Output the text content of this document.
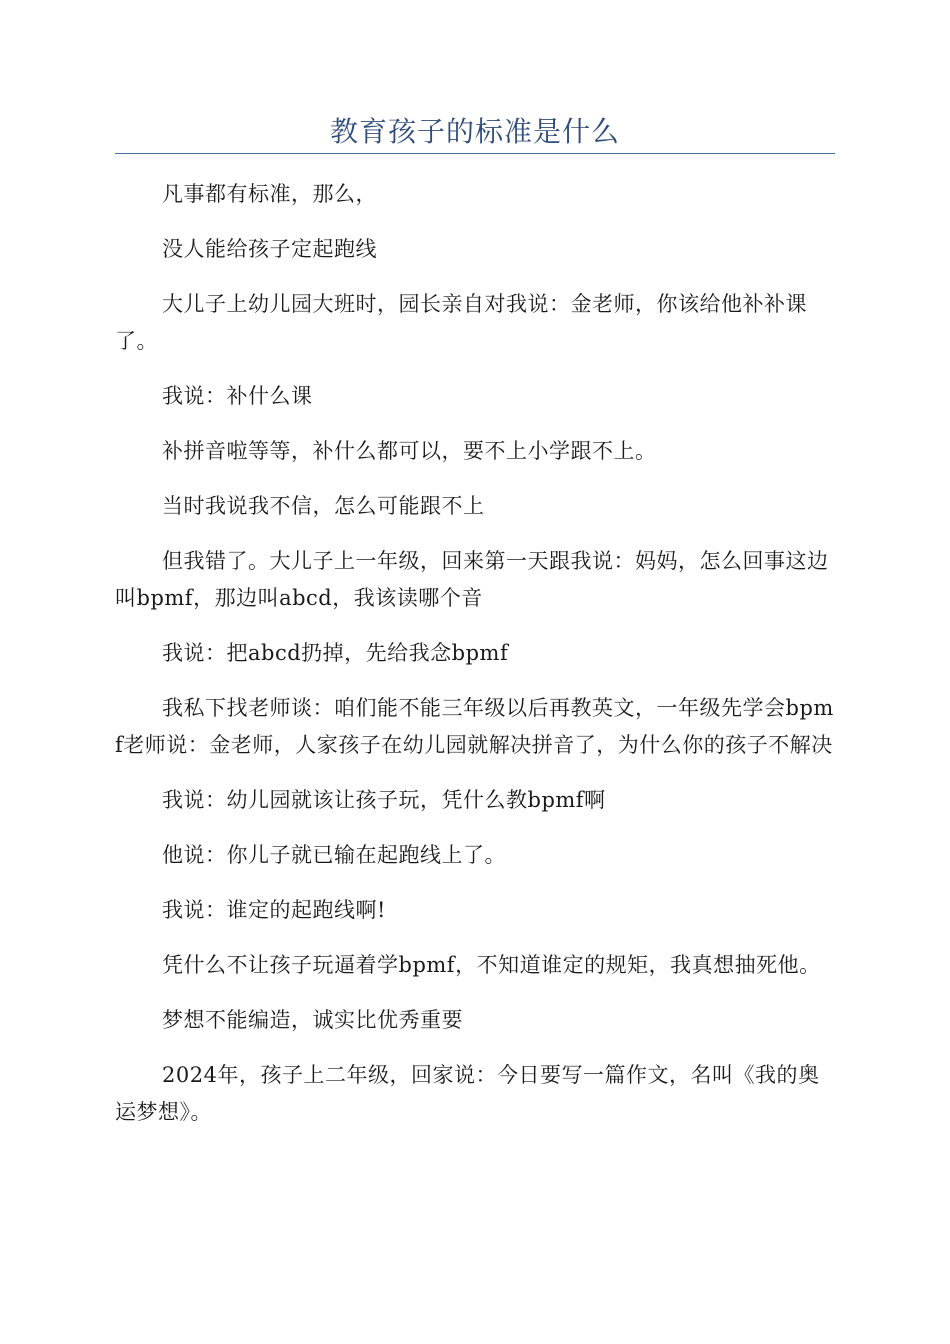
教育孩子的标准是什么

凡事都有标准，那么，

没人能给孩子定起跑线

大儿子上幼儿园大班时，园长亲自对我说：金老师，你该给他补补课了。

我说：补什么课

补拼音啦等等，补什么都可以，要不上小学跟不上。

当时我说我不信，怎么可能跟不上

但我错了。大儿子上一年级，回来第一天跟我说：妈妈，怎么回事这边叫bpmf，那边叫abcd，我该读哪个音

我说：把abcd扔掉，先给我念bpmf

我私下找老师谈：咱们能不能三年级以后再教英文，一年级先学会bpmf老师说：金老师，人家孩子在幼儿园就解决拼音了，为什么你的孩子不解决

我说：幼儿园就该让孩子玩，凭什么教bpmf啊

他说：你儿子就已输在起跑线上了。

我说：谁定的起跑线啊!

凭什么不让孩子玩逼着学bpmf，不知道谁定的规矩，我真想抽死他。

梦想不能编造，诚实比优秀重要

2024年，孩子上二年级，回家说：今日要写一篇作文，名叫《我的奥运梦想》。
